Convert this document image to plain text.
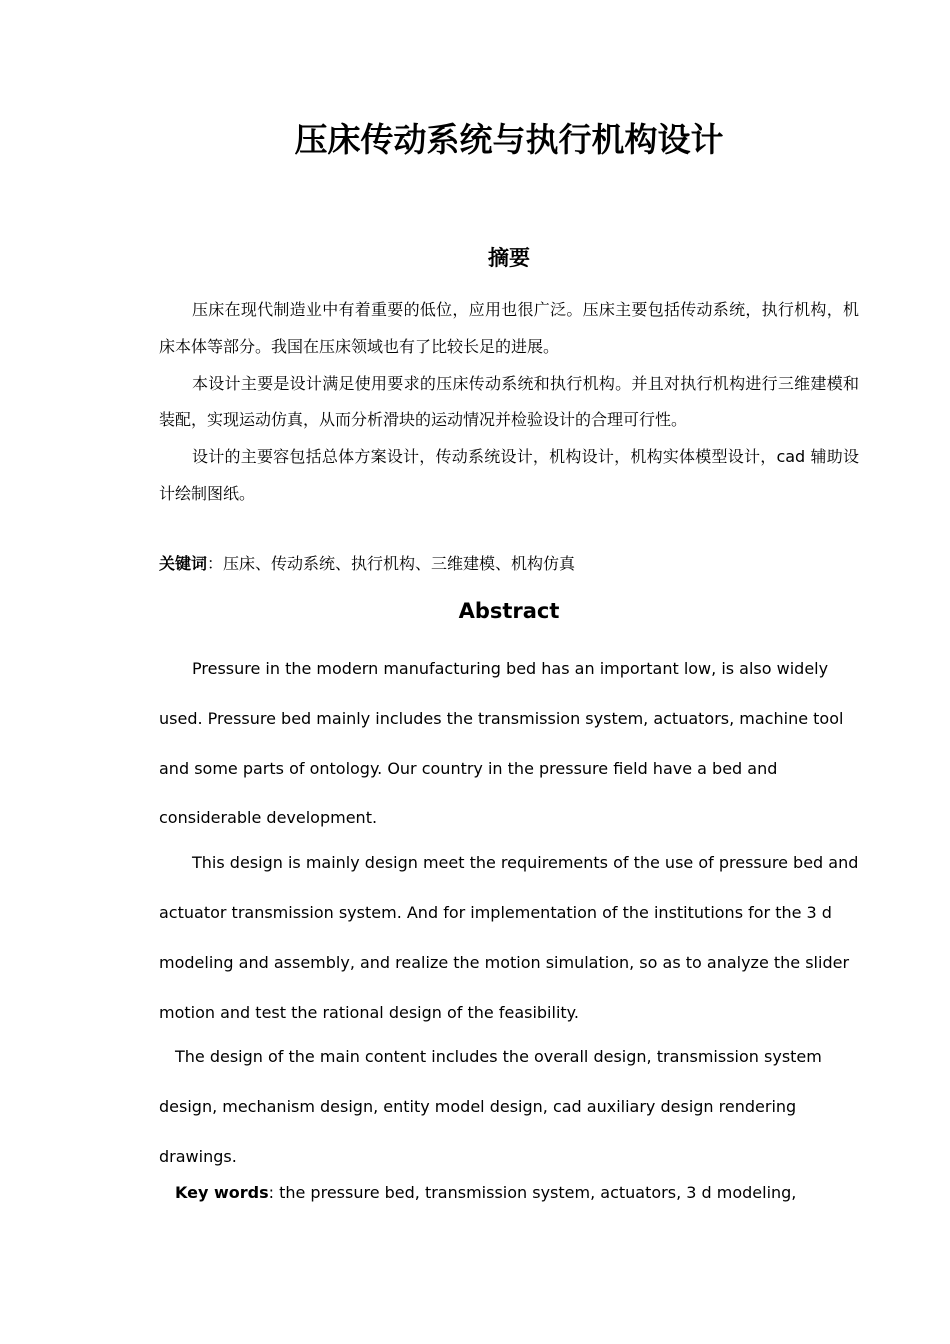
压床传动系统与执行机构设计
摘要

压床在现代制造业中有着重要的低位，应用也很广泛。压床主要包括传动系统，执行机构，机床本体等部分。我国在压床领域也有了比较长足的进展。

本设计主要是设计满足使用要求的压床传动系统和执行机构。并且对执行机构进行三维建模和装配，实现运动仿真，从而分析滑块的运动情况并检验设计的合理可行性。

设计的主要容包括总体方案设计，传动系统设计，机构设计，机构实体模型设计，cad 辅助设计绘制图纸。

关键词：压床、传动系统、执行机构、三维建模、机构仿真
Abstract

Pressure in the modern manufacturing bed has an important low, is also widely used. Pressure bed mainly includes the transmission system, actuators, machine tool and some parts of ontology. Our country in the pressure field have a bed and considerable development.

This design is mainly design meet the requirements of the use of pressure bed and actuator transmission system. And for implementation of the institutions for the 3 d modeling and assembly, and realize the motion simulation, so as to analyze the slider motion and test the rational design of the feasibility.

The design of the main content includes the overall design, transmission system design, mechanism design, entity model design, cad auxiliary design rendering drawings.

Key words: the pressure bed, transmission system, actuators, 3 d modeling,
